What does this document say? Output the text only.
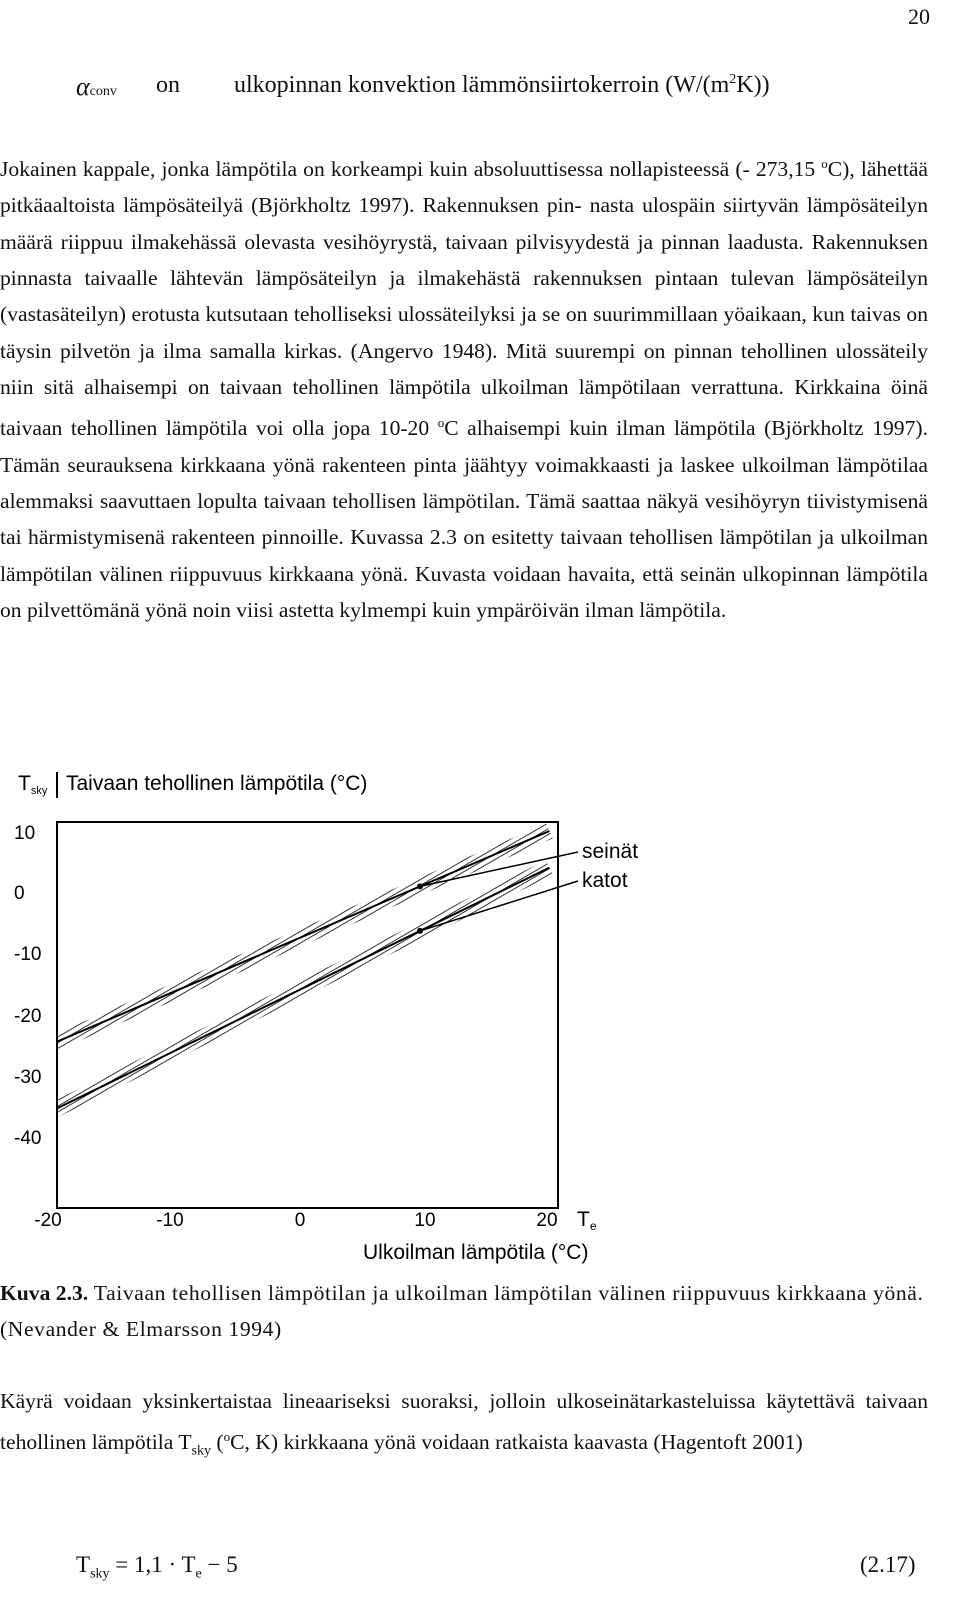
20
αconv on ulkopinnan konvektion lämmönsiirtokerroin $(W/(m^2K))$

Jokainen kappale, jonka lämpötila on korkeampi kuin absoluuttisessa nollapisteessä (- 273,15 $^o$C), lähettää pitkäaaltoista lämpösäteilyä (Björkholtz 1997). Rakennuksen pin- nasta ulospäin siirtyvän lämpösäteilyn määrä riippuu ilmakehässä olevasta vesihöyrystä, taivaan pilvisyydestä ja pinnan laadusta. Rakennuksen pinnasta taivaalle lähtevän lämpösäteilyn ja ilmakehästä rakennuksen pintaan tulevan lämpösäteilyn (vastasäteilyn) erotusta kutsutaan teholliseksi ulossäteilyksi ja se on suurimmillaan yöaikaan, kun taivas on täysin pilvetön ja ilma samalla kirkas. (Angervo 1948). Mitä suurempi on pinnan tehollinen ulossäteily niin sitä alhaisempi on taivaan tehollinen lämpötila ulkoilman lämpötilaan verrattuna. Kirkkaina öinä taivaan tehollinen lämpötila voi olla jopa 10-20 $^o$C alhaisempi kuin ilman lämpötila (Björkholtz 1997). Tämän seurauksena kirkkaana yönä rakenteen pinta jäähtyy voimakkaasti ja laskee ulkoilman lämpötilaa alemmaksi saavuttaen lopulta taivaan tehollisen lämpötilan. Tämä saattaa näkyä vesihöyryn tiivistymisenä tai härmistymisenä rakenteen pinnoille. Kuvassa 2.3 on esitetty taivaan tehollisen lämpötilan ja ulkoilman lämpötilan välinen riippuvuus kirkkaana yönä. Kuvasta voidaan havaita, että seinän ulkopinnan lämpötila on pilvettömänä yönä noin viisi astetta kylmempi kuin ympäröivän ilman lämpötila.

Tsky Taivaan tehollinen lämpötila (°C)
10
0
-10
-20
-30
-40
-20	-10	0	10	20
seinät
katot
Te
Ulkoilman lämpötila (°C)
Kuva 2.3. Taivaan tehollisen lämpötilan ja ulkoilman lämpötilan välinen riippuvuus kirkkaana yönä. (Nevander & Elmarsson 1994)

Käyrä voidaan yksinkertaistaa lineaariseksi suoraksi, jolloin ulkoseinätarkasteluissa käytettävä taivaan tehollinen lämpötila $T_{sky}$ ($^o$C, K) kirkkaana yönä voidaan ratkaista kaavasta (Hagentoft 2001)

$T_{sky} = 1,1 \cdot T_e - 5$	(2.17)
